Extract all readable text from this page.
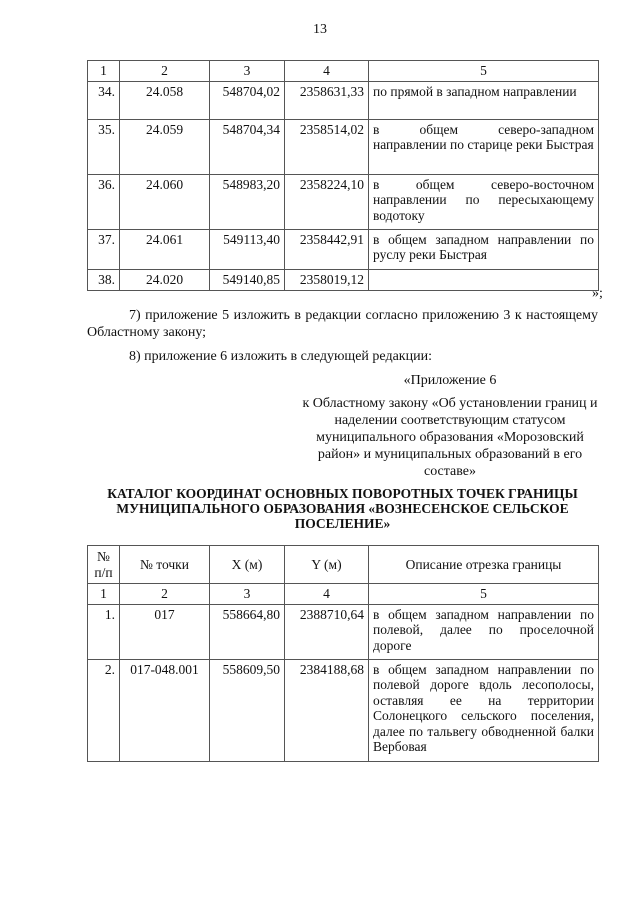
13
1	2	3	4	5
34.	24.058	548704,02	2358631,33	по прямой в западном направлении
35.	24.059	548704,34	2358514,02	в общем северо-западном направлении по старице реки Быстрая
36.	24.060	548983,20	2358224,10	в общем северо-восточном направлении по пересыхающему водотоку
37.	24.061	549113,40	2358442,91	в общем западном направлении по руслу реки Быстрая
38.	24.020	549140,85	2358019,12	
»;
7) приложение 5 изложить в редакции согласно приложению 3 к настоящему Областному закону;
8) приложение 6 изложить в следующей редакции:
«Приложение 6
к Областному закону «Об установлении границ и наделении соответствующим статусом муниципального образования «Морозовский район» и муниципальных образований в его составе»
КАТАЛОГ КООРДИНАТ ОСНОВНЫХ ПОВОРОТНЫХ ТОЧЕК ГРАНИЦЫ МУНИЦИПАЛЬНОГО ОБРАЗОВАНИЯ «ВОЗНЕСЕНСКОЕ СЕЛЬСКОЕ ПОСЕЛЕНИЕ»
№ п/п	№ точки	X (м)	Y (м)	Описание отрезка границы
1	2	3	4	5
1.	017	558664,80	2388710,64	в общем западном направлении по полевой, далее по проселочной дороге
2.	017-048.001	558609,50	2384188,68	в общем западном направлении по полевой дороге вдоль лесополосы, оставляя ее на территории Солонецкого сельского поселения, далее по тальвегу обводненной балки Вербовая
